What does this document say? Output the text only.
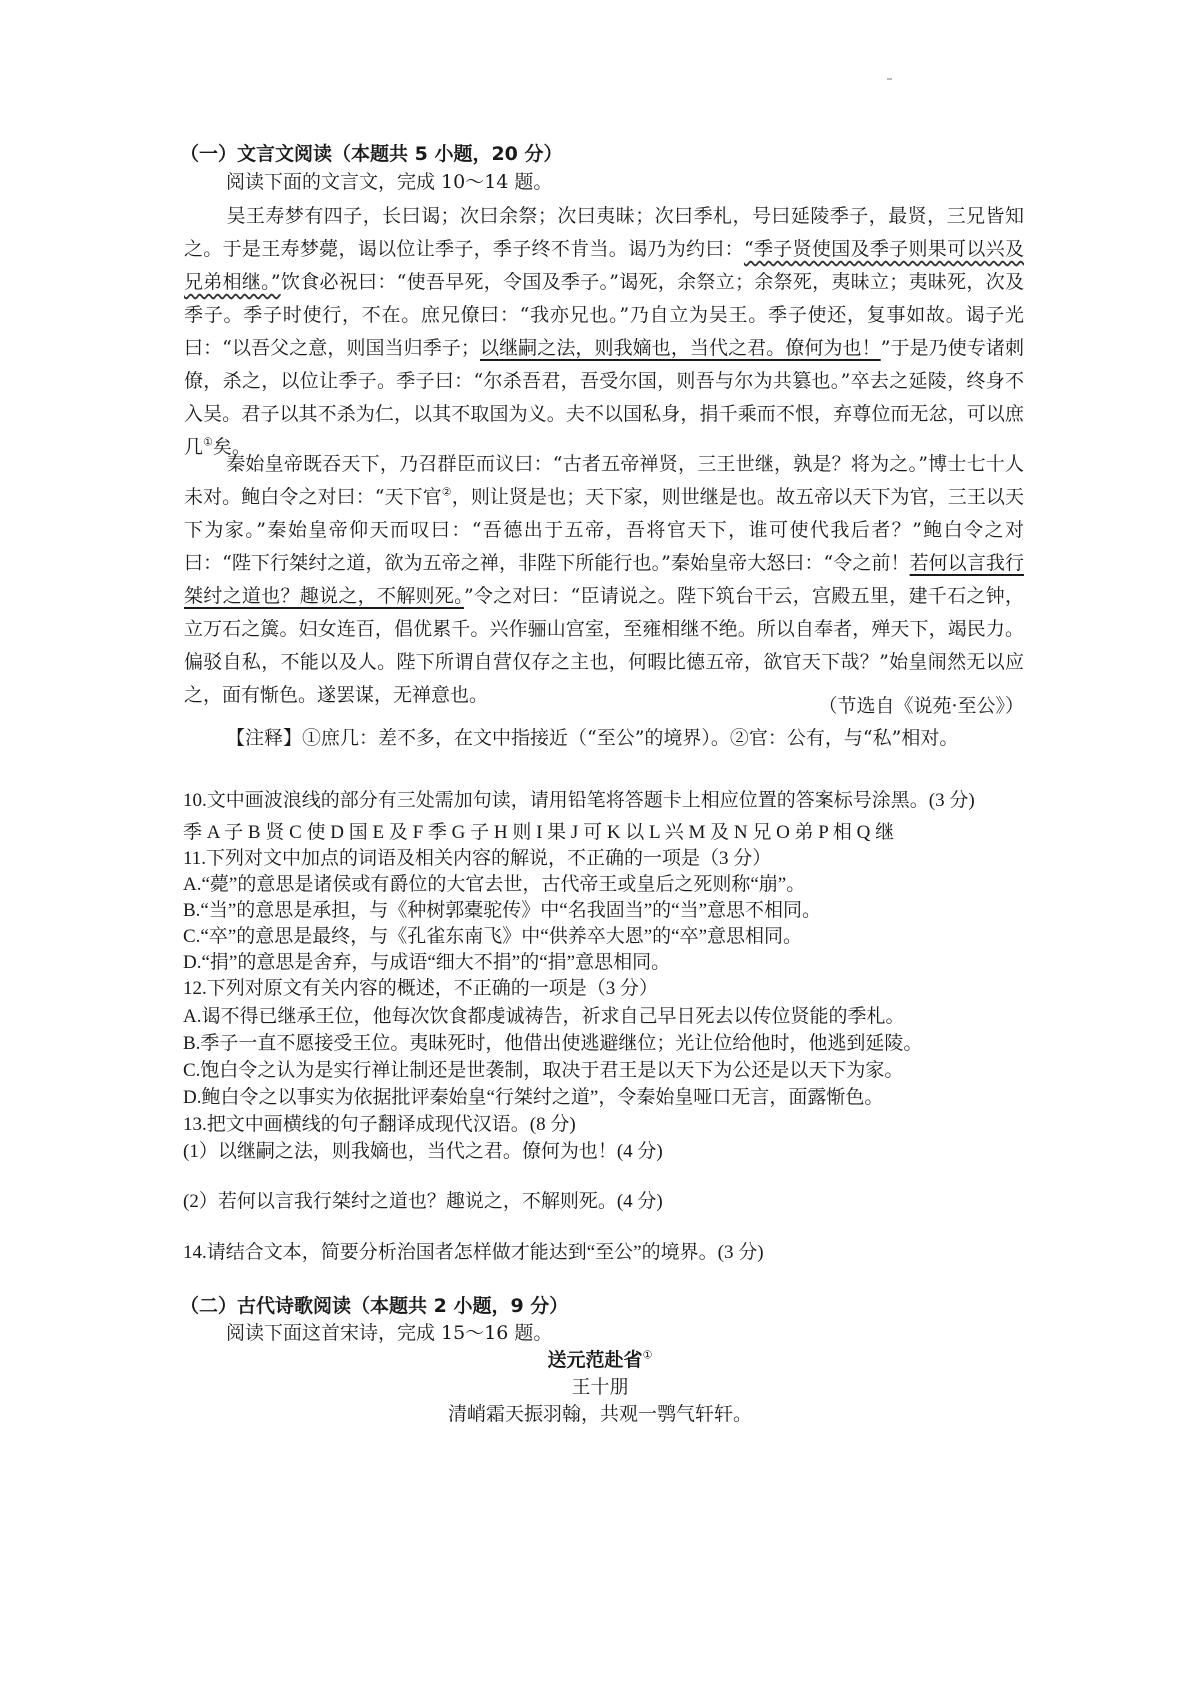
（一）文言文阅读（本题共 5 小题，20 分）
阅读下面的文言文，完成 10～14 题。
吴王寿梦有四子，长曰谒；次曰余祭；次曰夷昧；次曰季札，号曰延陵季子，最贤，三兄皆知之。于是王寿梦薨，谒以位让季子，季子终不肯当。谒乃为约曰：“季子贤使国及季子则果可以兴及兄弟相继。”饮食必祝曰：“使吾早死，令国及季子。”谒死，余祭立；余祭死，夷昧立；夷昧死，次及季子。季子时使行，不在。庶兄僚曰：“我亦兄也。”乃自立为吴王。季子使还，复事如故。谒子光曰：“以吾父之意，则国当归季子；以继嗣之法，则我嫡也，当代之君。僚何为也！”于是乃使专诸刺僚，杀之，以位让季子。季子曰：“尔杀吾君，吾受尔国，则吾与尔为共篡也。”卒去之延陵，终身不入吴。君子以其不杀为仁，以其不取国为义。夫不以国私身，捐千乘而不恨，弃尊位而无忿，可以庶几①矣。
秦始皇帝既吞天下，乃召群臣而议曰：“古者五帝禅贤，三王世继，孰是？将为之。”博士七十人未对。鲍白令之对曰：“天下官②，则让贤是也；天下家，则世继是也。故五帝以天下为官，三王以天下为家。”秦始皇帝仰天而叹曰：“吾德出于五帝，吾将官天下，谁可使代我后者？”鲍白令之对曰：“陛下行桀纣之道，欲为五帝之禅，非陛下所能行也。”秦始皇帝大怒曰：“令之前！若何以言我行桀纣之道也？趣说之，不解则死。”令之对曰：“臣请说之。陛下筑台干云，宫殿五里，建千石之钟，立万石之簴。妇女连百，倡优累千。兴作骊山宫室，至雍相继不绝。所以自奉者，殚天下，竭民力。偏驳自私，不能以及人。陛下所谓自营仅存之主也，何暇比德五帝，欲官天下哉？”始皇闹然无以应之，面有惭色。遂罢谋，无禅意也。	（节选自《说苑·至公》）
【注释】①庶几：差不多，在文中指接近（“至公”的境界）。②官：公有，与“私”相对。
10.文中画波浪线的部分有三处需加句读，请用铅笔将答题卡上相应位置的答案标号涂黑。(3 分)
季 A 子 B 贤 C 使 D 国 E 及 F 季 G 子 H 则 I 果 J 可 K 以 L 兴 M 及 N 兄 O 弟 P 相 Q 继
11.下列对文中加点的词语及相关内容的解说，不正确的一项是（3 分）
A.“薨”的意思是诸侯或有爵位的大官去世，古代帝王或皇后之死则称“崩”。
B.“当”的意思是承担，与《种树郭橐驼传》中“名我固当”的“当”意思不相同。
C.“卒”的意思是最终，与《孔雀东南飞》中“供养卒大恩”的“卒”意思相同。
D.“捐”的意思是舍弃，与成语“细大不捐”的“捐”意思相同。
12.下列对原文有关内容的概述，不正确的一项是（3 分）
A.谒不得已继承王位，他每次饮食都虔诚祷告，祈求自己早日死去以传位贤能的季札。
B.季子一直不愿接受王位。夷昧死时，他借出使逃避继位；光让位给他时，他逃到延陵。
C.饱白令之认为是实行禅让制还是世袭制，取决于君王是以天下为公还是以天下为家。
D.鲍白令之以事实为依据批评秦始皇“行桀纣之道”，令秦始皇哑口无言，面露惭色。
13.把文中画横线的句子翻译成现代汉语。(8 分)
(1）以继嗣之法，则我嫡也，当代之君。僚何为也！(4 分)
(2）若何以言我行桀纣之道也？趣说之，不解则死。(4 分)
14.请结合文本，简要分析治国者怎样做才能达到“至公”的境界。(3 分)
（二）古代诗歌阅读（本题共 2 小题，9 分）
阅读下面这首宋诗，完成 15～16 题。
送元范赴省①
王十朋
清峭霜天振羽翰，共观一鹗气轩轩。
